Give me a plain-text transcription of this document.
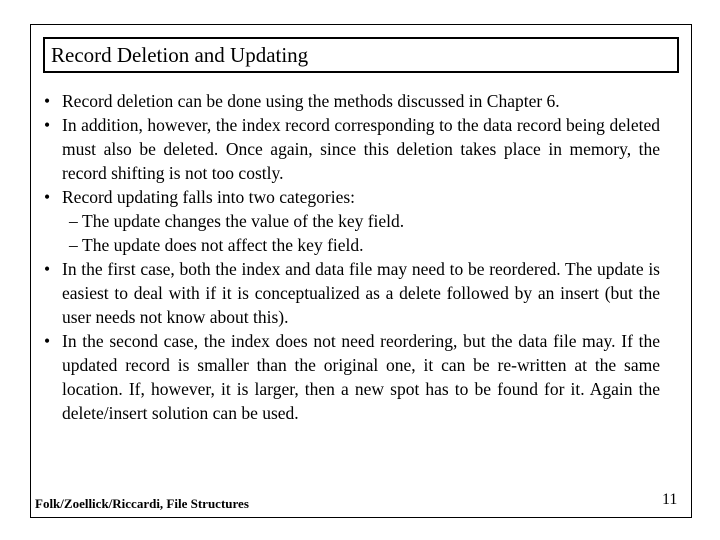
Record Deletion and Updating
• Record deletion can be done using the methods discussed in Chapter 6.
• In addition, however, the index record corresponding to the data record being deleted must also be deleted. Once again, since this deletion takes place in memory, the record shifting is not too costly.
• Record updating falls into two categories:
– The update changes the value of the key field.
– The update does not affect the key field.
• In the first case, both the index and data file may need to be reordered. The update is easiest to deal with if it is conceptualized as a delete followed by an insert (but the user needs not know about this).
• In the second case, the index does not need reordering, but the data file may. If the updated record is smaller than the original one, it can be re-written at the same location. If, however, it is larger, then a new spot has to be found for it. Again the delete/insert solution can be used.
Folk/Zoellick/Riccardi, File Structures	11
